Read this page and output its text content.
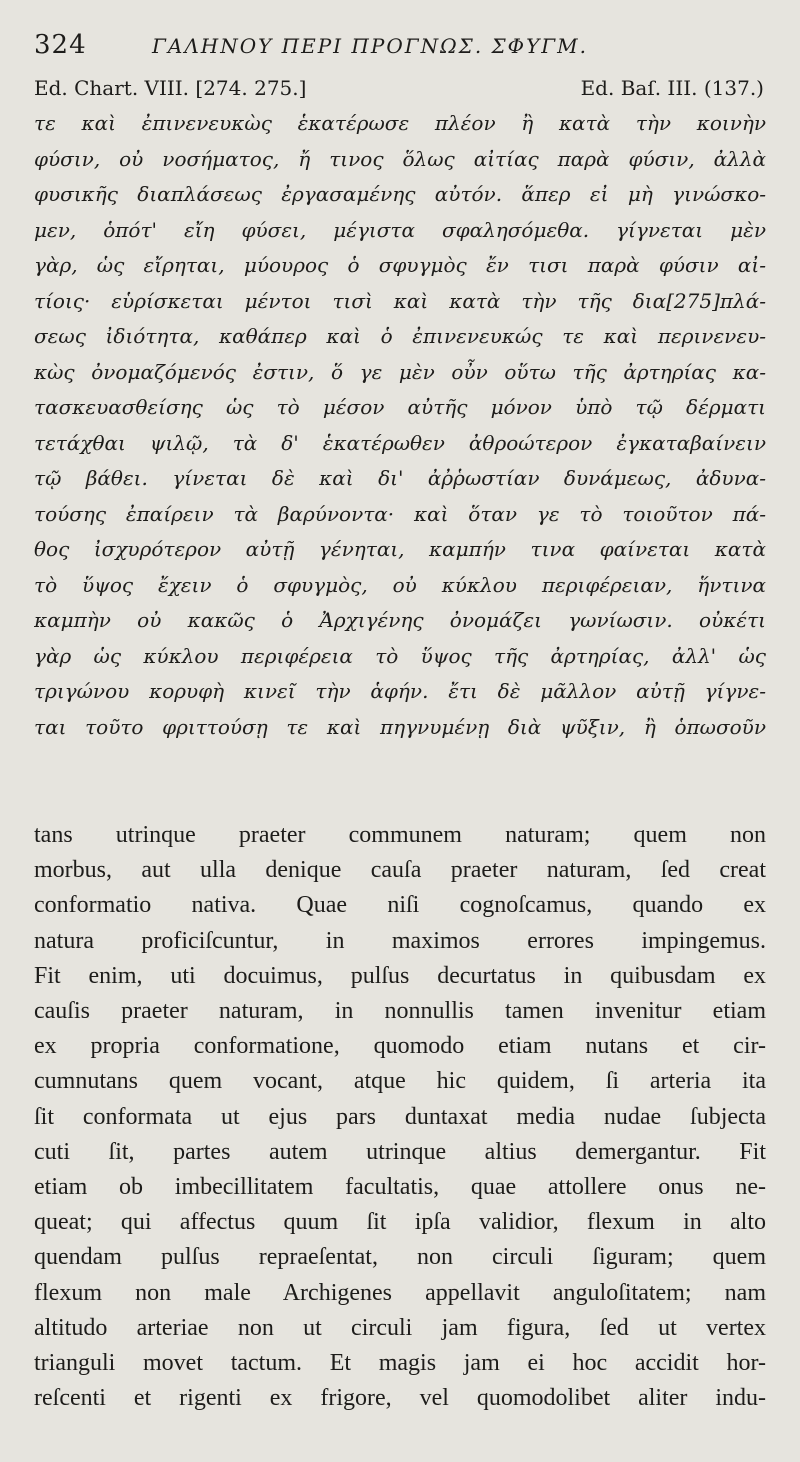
324	ΓΑΛΗΝΟΥ ΠΕΡΙ ΠΡΟΓΝΩΣ. ΣΦΥΓΜ.
Ed. Chart. VIII. [274. 275.]	Ed. Baſ. III. (137.)
τε καὶ ἐπινενευκὼς ἑκατέρωσε πλέον ἢ κατὰ τὴν κοινὴν
φύσιν, οὐ νοσήματος, ἤ τινος ὅλως αἰτίας παρὰ φύσιν, ἀλλὰ
φυσικῆς διαπλάσεως ἐργασαμένης αὐτόν. ἅπερ εἰ μὴ γινώσκο-
μεν, ὁπότ' εἴη φύσει, μέγιστα σφαλησόμεθα. γίγνεται μὲν
γὰρ, ὡς εἴρηται, μύουρος ὁ σφυγμὸς ἔν τισι παρὰ φύσιν αἰ-
τίοις· εὑρίσκεται μέντοι τισὶ καὶ κατὰ τὴν τῆς δια[275]πλά-
σεως ἰδιότητα, καθάπερ καὶ ὁ ἐπινενευκώς τε καὶ περινενευ-
κὼς ὀνομαζόμενός ἐστιν, ὅ γε μὲν οὖν οὕτω τῆς ἀρτηρίας κα-
τασκευασθείσης ὡς τὸ μέσον αὐτῆς μόνον ὑπὸ τῷ δέρματι
τετάχθαι ψιλῷ, τὰ δ' ἑκατέρωθεν ἀθροώτερον ἐγκαταβαίνειν
τῷ βάθει. γίνεται δὲ καὶ δι' ἀῤῥωστίαν δυνάμεως, ἀδυνα-
τούσης ἐπαίρειν τὰ βαρύνοντα· καὶ ὅταν γε τὸ τοιοῦτον πά-
θος ἰσχυρότερον αὐτῇ γένηται, καμπήν τινα φαίνεται κατὰ
τὸ ὕψος ἔχειν ὁ σφυγμὸς, οὐ κύκλου περιφέρειαν, ἥντινα
καμπὴν οὐ κακῶς ὁ Ἀρχιγένης ὀνομάζει γωνίωσιν. οὐκέτι
γὰρ ὡς κύκλου περιφέρεια τὸ ὕψος τῆς ἀρτηρίας, ἀλλ' ὡς
τριγώνου κορυφὴ κινεῖ τὴν ἁφήν. ἔτι δὲ μᾶλλον αὐτῇ γίγνε-
ται τοῦτο φριττούσῃ τε καὶ πηγνυμένῃ διὰ ψῦξιν, ἢ ὁπωσοῦν
tans utrinque praeter communem naturam; quem non
morbus, aut ulla denique cauſa praeter naturam, ſed creat
conformatio nativa. Quae niſi cognoſcamus, quando ex
natura proficiſcuntur, in maximos errores impingemus.
Fit enim, uti docuimus, pulſus decurtatus in quibusdam ex
cauſis praeter naturam, in nonnullis tamen invenitur etiam
ex propria conformatione, quomodo etiam nutans et cir-
cumnutans quem vocant, atque hic quidem, ſi arteria ita
ſit conformata ut ejus pars duntaxat media nudae ſubjecta
cuti ſit, partes autem utrinque altius demergantur. Fit
etiam ob imbecillitatem facultatis, quae attollere onus ne-
queat; qui affectus quum ſit ipſa validior, flexum in alto
quendam pulſus repraeſentat, non circuli ſiguram; quem
flexum non male Archigenes appellavit anguloſitatem; nam
altitudo arteriae non ut circuli jam figura, ſed ut vertex
trianguli movet tactum. Et magis jam ei hoc accidit hor-
reſcenti et rigenti ex frigore, vel quomodolibet aliter indu-
